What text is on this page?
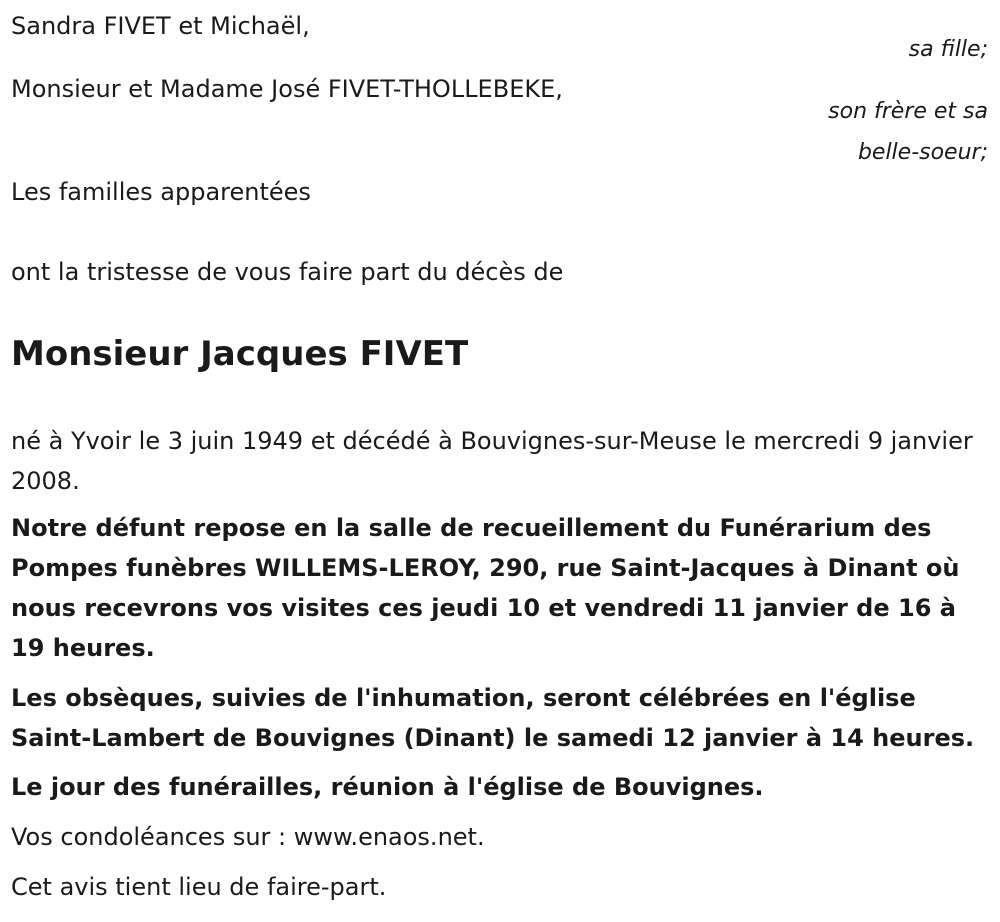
Sandra FIVET et Michaël,
sa fille;
Monsieur et Madame José FIVET-THOLLEBEKE,
son frère et sa
belle-soeur;
Les familles apparentées
ont la tristesse de vous faire part du décès de
Monsieur Jacques FIVET
né à Yvoir le 3 juin 1949 et décédé à Bouvignes-sur-Meuse le mercredi 9 janvier 2008.
Notre défunt repose en la salle de recueillement du Funérarium des Pompes funèbres WILLEMS-LEROY, 290, rue Saint-Jacques à Dinant où nous recevrons vos visites ces jeudi 10 et vendredi 11 janvier de 16 à 19 heures.
Les obsèques, suivies de l'inhumation, seront célébrées en l'église Saint-Lambert de Bouvignes (Dinant) le samedi 12 janvier à 14 heures.
Le jour des funérailles, réunion à l'église de Bouvignes.
Vos condoléances sur : www.enaos.net.
Cet avis tient lieu de faire-part.
